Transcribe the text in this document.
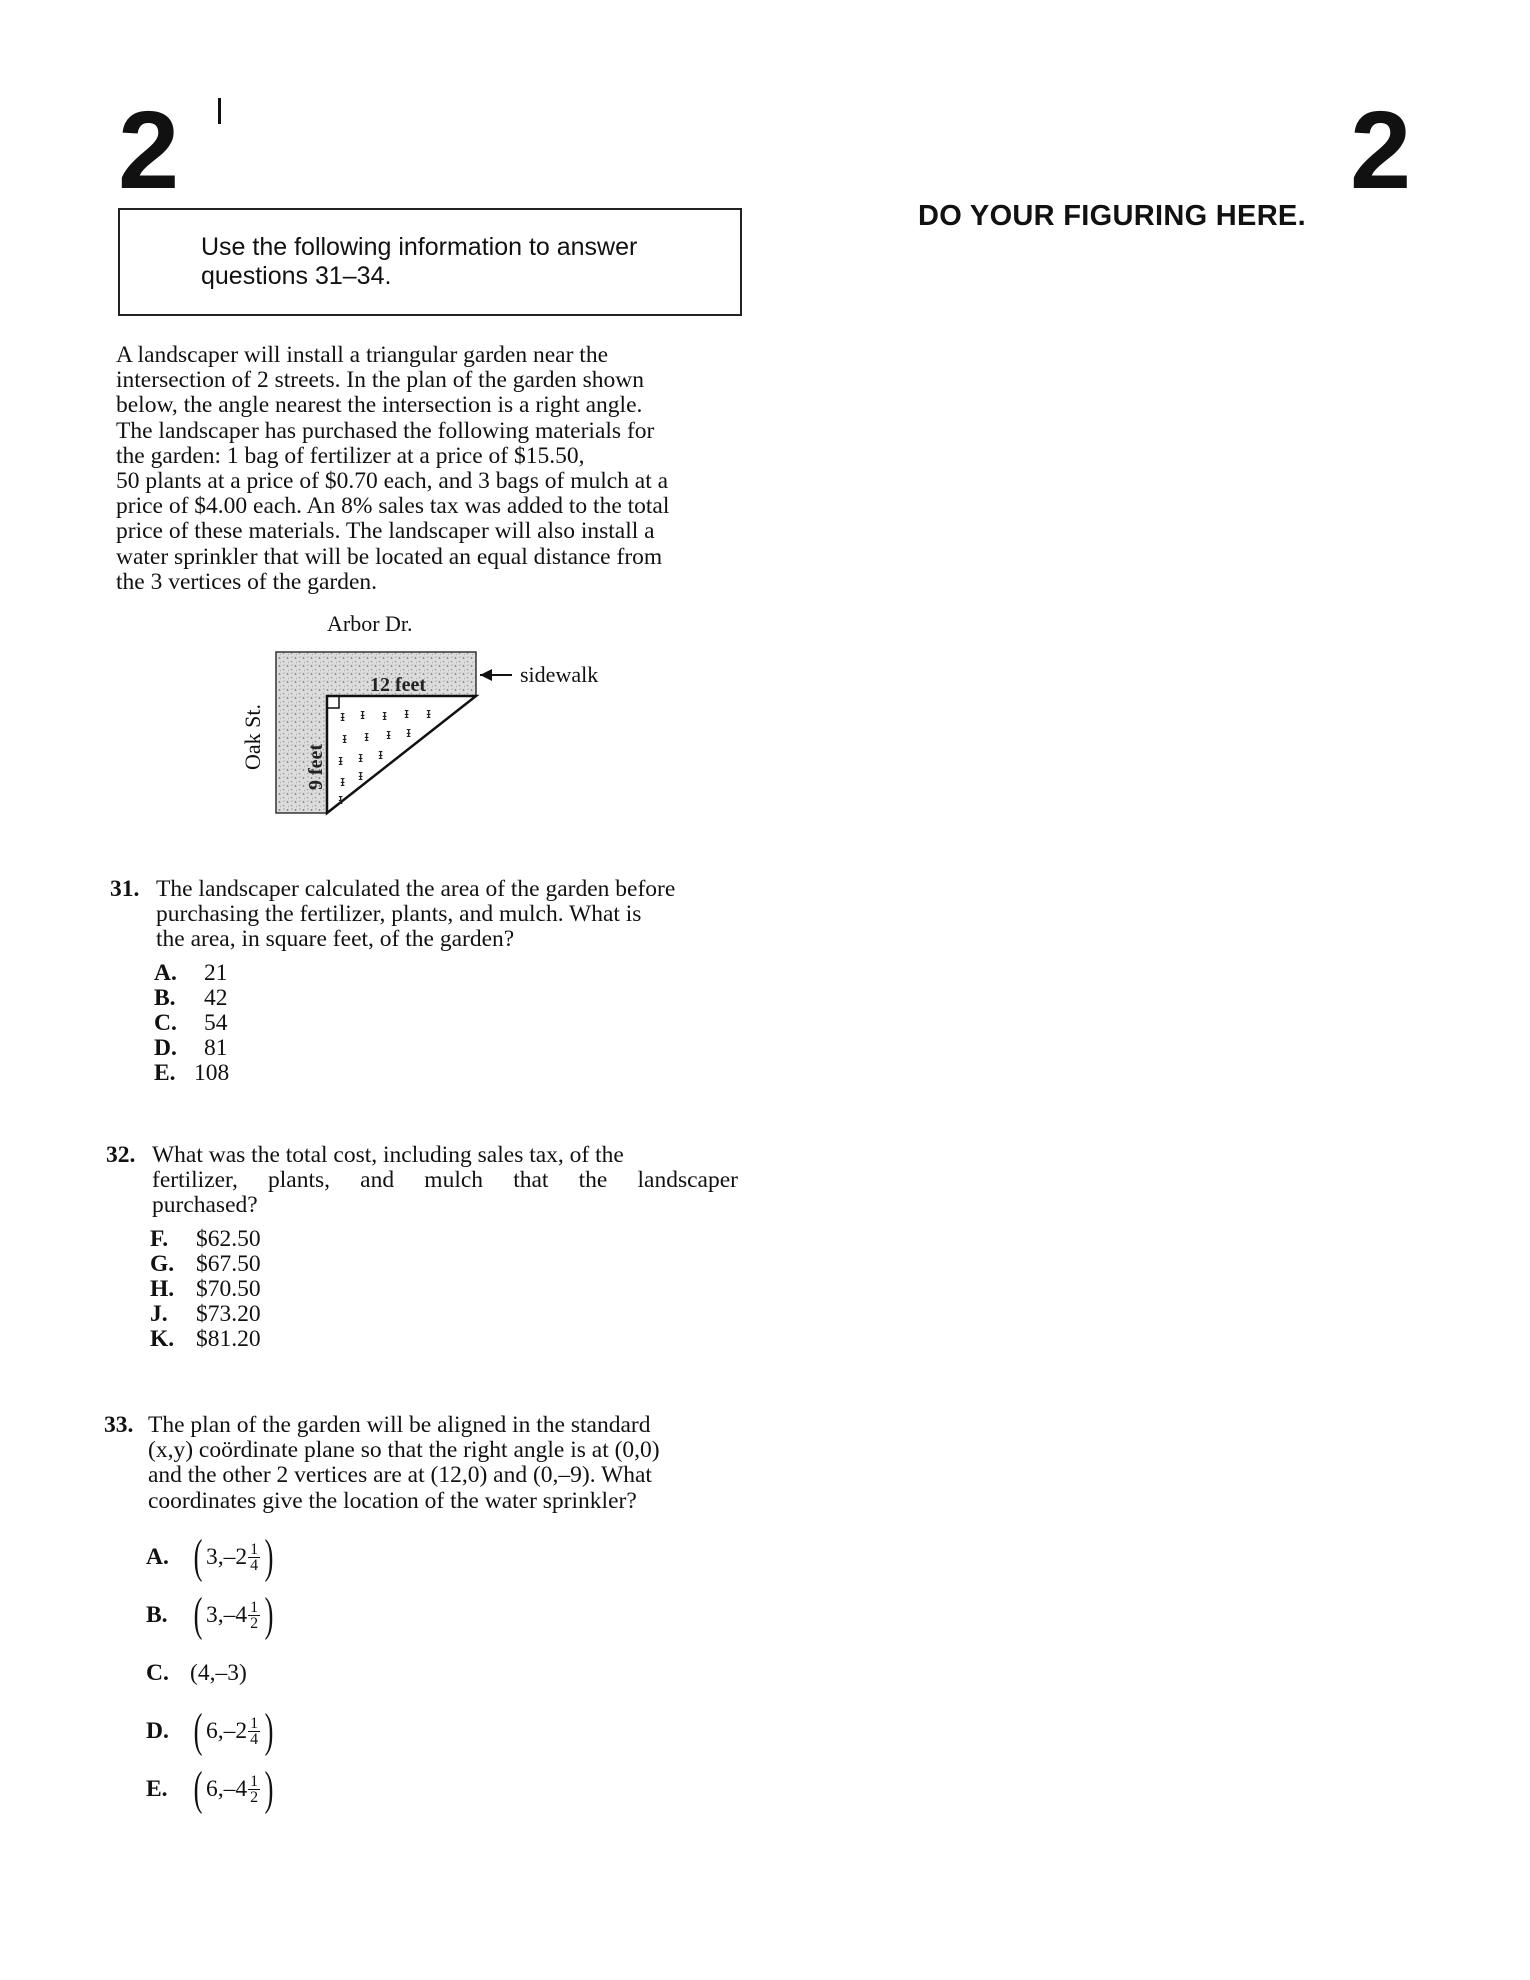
2	2
DO YOUR FIGURING HERE.
Use the following information to answer
questions 31–34.
A landscaper will install a triangular garden near the
intersection of 2 streets. In the plan of the garden shown
below, the angle nearest the intersection is a right angle.
The landscaper has purchased the following materials for
the garden: 1 bag of fertilizer at a price of $15.50,
50 plants at a price of $0.70 each, and 3 bags of mulch at a
price of $4.00 each. An 8% sales tax was added to the total
price of these materials. The landscaper will also install a
water sprinkler that will be located an equal distance from
the 3 vertices of the garden.
Arbor Dr.
Oak St.
12 feet
9 feet
ᵻ ᵻ ᵻ ᵻ ᵻ
ᵻ ᵻ ᵻ ᵻ
ᵻ ᵻ ᵻ
ᵻ ᵻ
ᵻ
sidewalk
31. The landscaper calculated the area of the garden before
purchasing the fertilizer, plants, and mulch. What is
the area, in square feet, of the garden?
A.	21
B.	42
C.	54
D.	81
E. 108
32. What was the total cost, including sales tax, of the
fertilizer, plants, and mulch that the landscaper
purchased?
F.	$62.50
G. $67.50
H. $70.50
J.	$73.20
K. $81.20
33. The plan of the garden will be aligned in the standard
(x,y) coördinate plane so that the right angle is at (0,0)
and the other 2 vertices are at (12,0) and (0,–9). What
coordinates give the location of the water sprinkler?
A. ( 3 , $-2 \frac{1}{4}$ )
B. ( 3 , $-4 \frac{1}{2}$ )
C. (4,–3)
D. ( 6 , $-2 \frac{1}{4}$ )
E. ( 6 , $-4 \frac{1}{2}$ )
